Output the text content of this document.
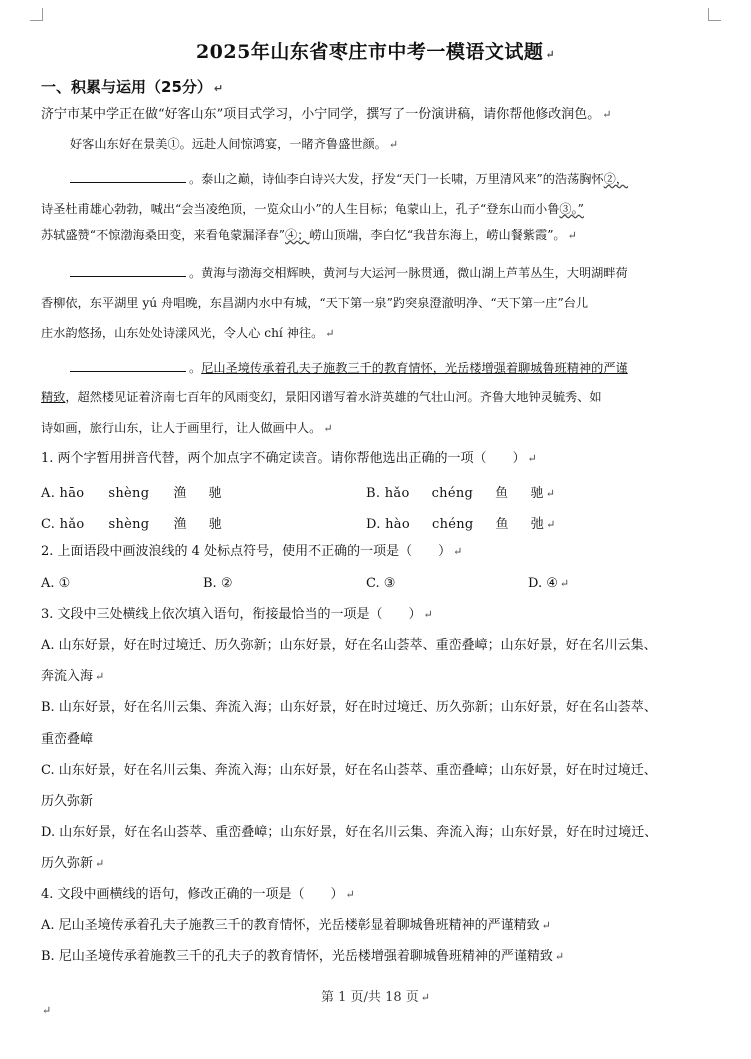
2025年山东省枣庄市中考一模语文试题 ↵
一、积累与运用（25分） ↵
济宁市某中学正在做“好客山东”项目式学习，小宁同学，撰写了一份演讲稿，请你帮他修改润色。 ↵
好客山东好在景美①。远赴人间惊鸿宴，一睹齐鲁盛世颜。 ↵
。泰山之巅，诗仙李白诗兴大发，抒发“天门一长啸，万里清风来”的浩荡胸怀②，
诗圣杜甫雄心勃勃，喊出“会当凌绝顶，一览众山小”的人生目标；龟蒙山上，孔子“登东山而小鲁③。”
苏轼盛赞“不惊渤海桑田变，来看龟蒙漏泽春”④；崂山顶端，李白忆“我昔东海上，崂山餐紫霞”。 ↵
。黄海与渤海交相辉映，黄河与大运河一脉贯通，微山湖上芦苇丛生，大明湖畔荷
香柳依，东平湖里 yú 舟唱晚，东昌湖内水中有城，“天下第一泉”趵突泉澄澈明净、“天下第一庄”台儿
庄水韵悠扬，山东处处诗漾风光，令人心 chí 神往。 ↵
。尼山圣境传承着孔夫子施教三千的教育情怀，光岳楼增强着聊城鲁班精神的严谨
精致，超然楼见证着济南七百年的风雨变幻，景阳冈谱写着水浒英雄的气壮山河。齐鲁大地钟灵毓秀、如
诗如画，旅行山东，让人于画里行，让人做画中人。 ↵
1. 两个字暂用拼音代替，两个加点字不确定读音。请你帮他选出正确的一项（　　） ↵
A. hāo shèng 渔 驰	B. hǎo chéng 鱼 驰 ↵
C. hǎo shèng 渔 驰	D. hào chéng 鱼 弛 ↵
2. 上面语段中画波浪线的 4 处标点符号，使用不正确的一项是（　　） ↵
A. ①	B. ②	C. ③	D. ④ ↵
3. 文段中三处横线上依次填入语句，衔接最恰当的一项是（　　） ↵
A. 山东好景，好在时过境迁、历久弥新；山东好景，好在名山荟萃、重峦叠嶂；山东好景，好在名川云集、
奔流入海 ↵
B. 山东好景，好在名川云集、奔流入海；山东好景，好在时过境迁、历久弥新；山东好景，好在名山荟萃、
重峦叠嶂
C. 山东好景，好在名川云集、奔流入海；山东好景，好在名山荟萃、重峦叠嶂；山东好景，好在时过境迁、
历久弥新
D. 山东好景，好在名山荟萃、重峦叠嶂；山东好景，好在名川云集、奔流入海；山东好景，好在时过境迁、
历久弥新 ↵
4. 文段中画横线的语句，修改正确的一项是（　　） ↵
A. 尼山圣境传承着孔夫子施教三千的教育情怀，光岳楼彰显着聊城鲁班精神的严谨精致 ↵
B. 尼山圣境传承着施教三千的孔夫子的教育情怀，光岳楼增强着聊城鲁班精神的严谨精致 ↵
第 1 页/共 18 页 ↵
↵
